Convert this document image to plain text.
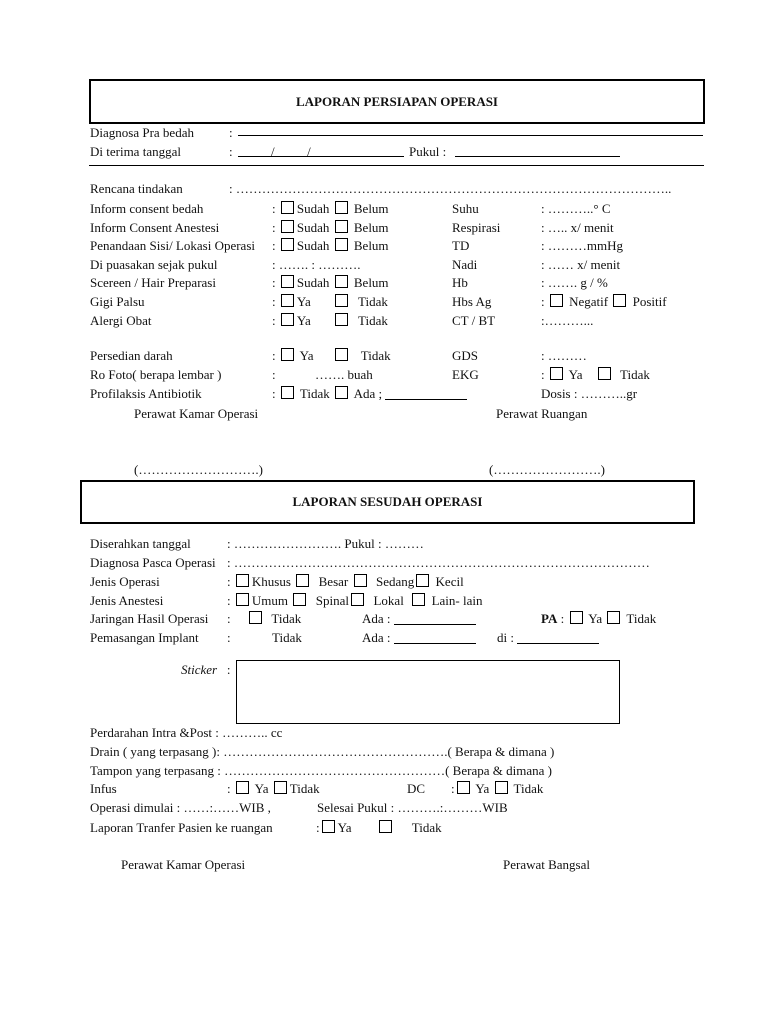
LAPORAN PERSIAPAN OPERASI
Diagnosa Pra bedah	:
Di terima tanggal	:	/          /	Pukul :
Rencana tindakan	: ………………………………………………………………………………………..
Inform consent bedah	: Sudah Belum	Suhu	: ………..° C
Inform Consent Anestesi	: Sudah Belum	Respirasi	: ….. x/ menit
Penandaan Sisi/ Lokasi Operasi : Sudah Belum	TD	: ………mmHg
Di puasakan sejak pukul	: ……. : ……….	Nadi	: …… x/ menit
Scereen / Hair Preparasi	: Sudah Belum	Hb	: ……. g / %
Gigi Palsu	: Ya	Tidak	Hbs Ag	:  Negatif Positif
Alergi Obat	: Ya	Tidak	CT / BT	:………...
Persedian darah	:  Ya	Tidak	GDS	: ………
Ro Foto( berapa lembar )	:	……. buah	EKG	:  Ya	Tidak
Profilaksis Antibiotik	:  Tidak Ada ;	Dosis : ………..gr
Perawat Kamar Operasi	Perawat Ruangan
(……………………….)	(…………………….)
LAPORAN SESUDAH OPERASI
Diserahkan tanggal	: ……………………. Pukul : ………
Diagnosa Pasca Operasi : ……………………………………………………………………………………
Jenis Operasi	: Khusus Besar Sedang Kecil
Jenis Anestesi	: Umum Spinal Lokal Lain- lain
Jaringan Hasil Operasi :       Tidak	Ada :	PA :  Ya Tidak
Pemasangan Implant :	Tidak	Ada :	di :
Sticker   :
Perdarahan Intra &Post : ……….. cc
Drain ( yang terpasang ): …………………………………………….( Berapa & dimana )
Tampon yang terpasang : ……………………………………………( Berapa & dimana )
Infus	:  Ya Tidak	DC : Ya Tidak
Operasi dimulai : ……:……WIB ,	Selesai Pukul : ……….:………WIB
Laporan Tranfer Pasien ke ruangan	: Ya	Tidak
Perawat Kamar Operasi	Perawat Bangsal
